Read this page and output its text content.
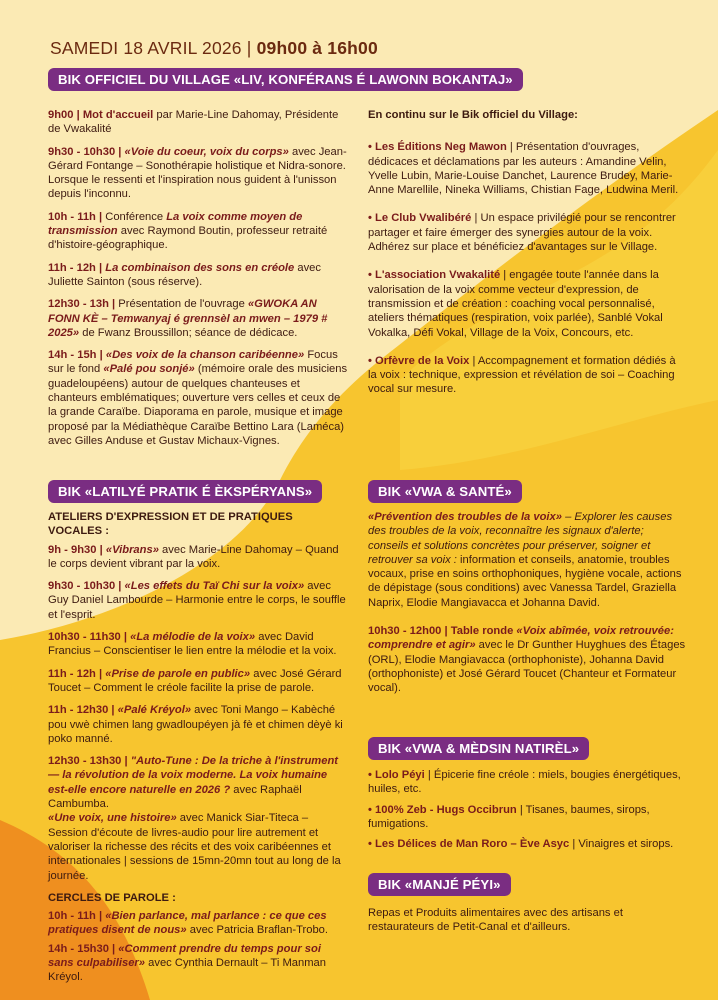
SAMEDI 18 AVRIL 2026 | 09h00 à 16h00
BIK OFFICIEL DU VILLAGE «LIV, KONFÉRANS É LAWONN BOKANTAJ»

9h00 | Mot d'accueil par Marie-Line Dahomay, Présidente de Vwakalité

9h30 - 10h30 | «Voie du coeur, voix du corps» avec Jean-Gérard Fontange – Sonothérapie holistique et Nidra-sonore. Lorsque le ressenti et l'inspiration nous guident à l'unisson depuis l'inconnu.

10h - 11h | Conférence La voix comme moyen de transmission avec Raymond Boutin, professeur retraité d'histoire-géographique.

11h - 12h | La combinaison des sons en créole avec Juliette Sainton (sous réserve).

12h30 - 13h | Présentation de l'ouvrage «GWOKA AN FONN KÈ – Temwanyaj é grennsèl an mwen – 1979 # 2025» de Fwanz Broussillon; séance de dédicace.

14h - 15h | «Des voix de la chanson caribéenne» Focus sur le fond «Palé pou sonjé» (mémoire orale des musiciens guadeloupéens) autour de quelques chanteuses et chanteurs emblématiques; ouverture vers celles et ceux de la grande Caraïbe. Diaporama en parole, musique et image proposé par la Médiathèque Caraïbe Bettino Lara (Laméca) avec Gilles Anduse et Gustav Michaux-Vignes.

En continu sur le Bik officiel du Village:

• Les Éditions Neg Mawon | Présentation d'ouvrages, dédicaces et déclamations par les auteurs : Amandine Velin, Yvelle Lubin, Marie-Louise Danchet, Laurence Brudey, Marie-Anne Marellile, Nineka Williams, Chistian Fage, Ludwina Meril.

• Le Club Vwalibéré | Un espace privilégié pour se rencontrer partager et faire émerger des synergies autour de la voix. Adhérez sur place et bénéficiez d'avantages sur le Village.

• L'association Vwakalité | engagée toute l'année dans la valorisation de la voix comme vecteur d'expression, de transmission et de création : coaching vocal personnalisé, ateliers thématiques (respiration, voix parlée), Sanblé Vokal Vokalka, Défi Vokal, Village de la Voix, Concours, etc.

• Orfèvre de la Voix | Accompagnement et formation dédiés à la voix : technique, expression et révélation de soi – Coaching vocal sur mesure.

BIK «LATILYÉ PRATIK É ÈKSPÉRYANS»	BIK «VWA & SANTÉ»

ATELIERS D'EXPRESSION ET DE PRATIQUES VOCALES :

9h - 9h30 | «Vibrans» avec Marie-Line Dahomay – Quand le corps devient vibrant par la voix.

9h30 - 10h30 | «Les effets du Taï Chi sur la voix» avec Guy Daniel Lambourde – Harmonie entre le corps, le souffle et l'esprit.

10h30 - 11h30 | «La mélodie de la voix» avec David Francius – Conscientiser le lien entre la mélodie et la voix.

11h - 12h | «Prise de parole en public» avec José Gérard Toucet – Comment le créole facilite la prise de parole.

11h - 12h30 | «Palé Kréyol» avec Toni Mango – Kabèché pou vwè chimen lang gwadloupéyen jà fè et chimen dèyè ki poko manné.

12h30 - 13h30 | "Auto-Tune : De la triche à l'instrument — la révolution de la voix moderne. La voix humaine est-elle encore naturelle en 2026 ? avec Raphaël Cambumba.
«Une voix, une histoire» avec Manick Siar-Titeca – Session d'écoute de livres-audio pour lire autrement et valoriser la richesse des récits et des voix caribéennes et internationales | sessions de 15mn-20mn tout au long de la journée.

CERCLES DE PAROLE :

10h - 11h | «Bien parlance, mal parlance : ce que ces pratiques disent de nous» avec Patricia Braflan-Trobo.

14h - 15h30 | «Comment prendre du temps pour soi sans culpabiliser» avec Cynthia Dernault – Ti Manman Kréyol.

«Prévention des troubles de la voix» – Explorer les causes des troubles de la voix, reconnaître les signaux d'alerte; conseils et solutions concrètes pour préserver, soigner et retrouver sa voix : information et conseils, anatomie, troubles vocaux, prise en soins orthophoniques, hygiène vocale, actions de dépistage (sous conditions) avec Vanessa Tardel, Graziella Naprix, Elodie Mangiavacca et Johanna David.

10h30 - 12h00 | Table ronde «Voix abîmée, voix retrouvée: comprendre et agir» avec le Dr Gunther Huyghues des Étages (ORL), Elodie Mangiavacca (orthophoniste), Johanna David (orthophoniste) et José Gérard Toucet (Chanteur et Formateur vocal).

BIK «VWA & MÈDSIN NATIRÈL»

• Lolo Péyi | Épicerie fine créole : miels, bougies énergétiques, huiles, etc.

• 100% Zeb - Hugs Occibrun | Tisanes, baumes, sirops, fumigations.

• Les Délices de Man Roro – Ève Asyc | Vinaigres et sirops.

BIK «MANJÉ PÉYI»
Repas et Produits alimentaires avec des artisans et restaurateurs de Petit-Canal et d'ailleurs.
